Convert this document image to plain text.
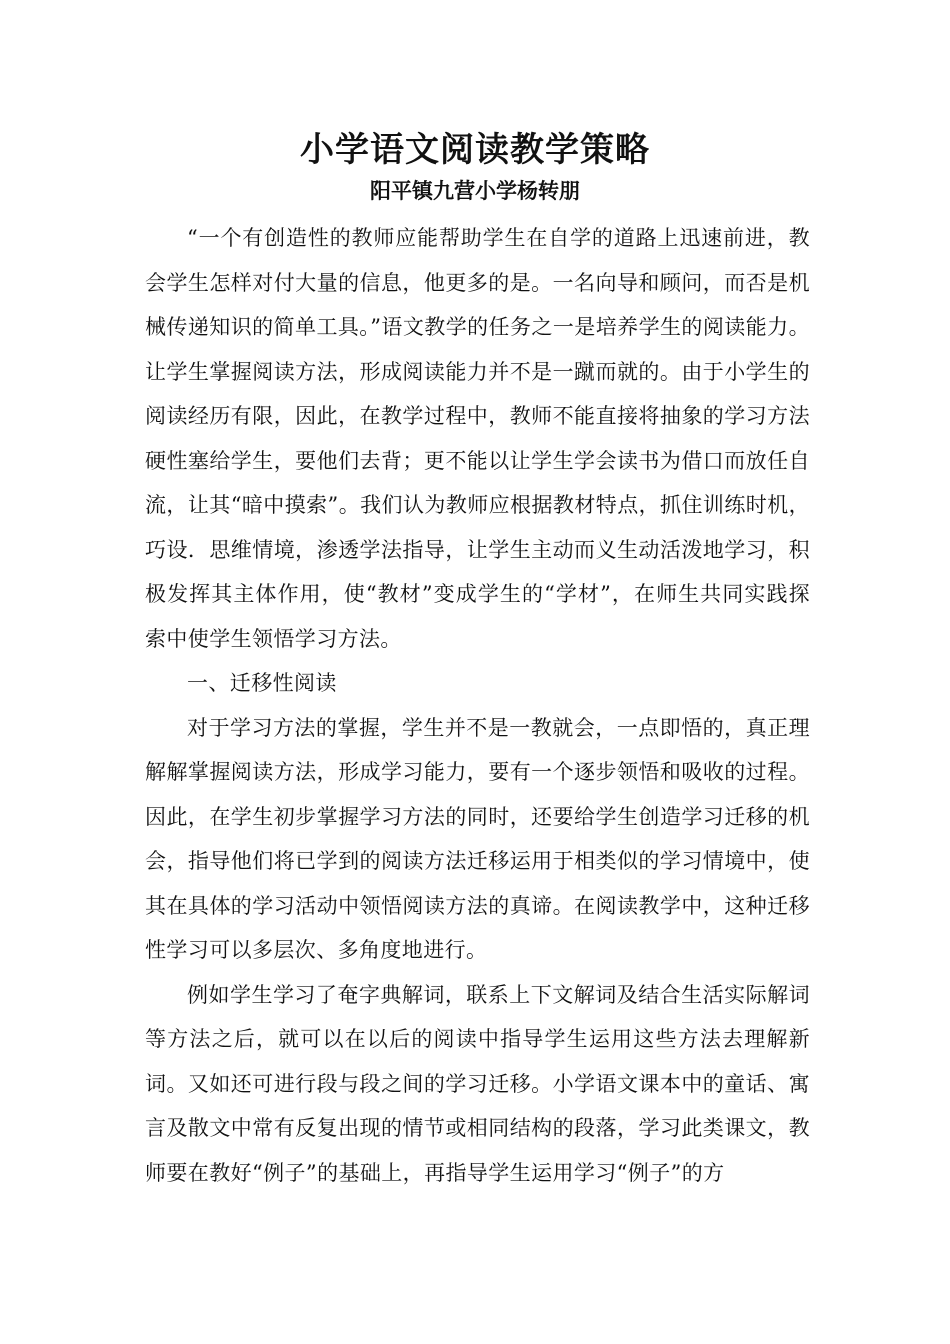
小学语文阅读教学策略
阳平镇九营小学杨转朋

“一个有创造性的教师应能帮助学生在自学的道路上迅速前进，教会学生怎样对付大量的信息，他更多的是。一名向导和顾问，而否是机械传递知识的简单工具。”语文教学的任务之一是培养学生的阅读能力。让学生掌握阅读方法，形成阅读能力并不是一蹴而就的。由于小学生的阅读经历有限，因此，在教学过程中，教师不能直接将抽象的学习方法硬性塞给学生，要他们去背；更不能以让学生学会读书为借口而放任自流，让其“暗中摸索”。我们认为教师应根据教材特点，抓住训练时机，巧设．思维情境，渗透学法指导，让学生主动而义生动活泼地学习，积极发挥其主体作用，使“教材”变成学生的“学材”，在师生共同实践探索中使学生领悟学习方法。

一、迁移性阅读

对于学习方法的掌握，学生并不是一教就会，一点即悟的，真正理解解掌握阅读方法，形成学习能力，要有一个逐步领悟和吸收的过程。因此，在学生初步掌握学习方法的同时，还要给学生创造学习迁移的机会，指导他们将已学到的阅读方法迁移运用于相类似的学习情境中，使其在具体的学习活动中领悟阅读方法的真谛。在阅读教学中，这种迁移性学习可以多层次、多角度地进行。

例如学生学习了奄字典解词，联系上下文解词及结合生活实际解词等方法之后，就可以在以后的阅读中指导学生运用这些方法去理解新词。又如还可进行段与段之间的学习迁移。小学语文课本中的童话、寓言及散文中常有反复出现的情节或相同结构的段落，学习此类课文，教师要在教好“例子”的基础上，再指导学生运用学习“例子”的方
